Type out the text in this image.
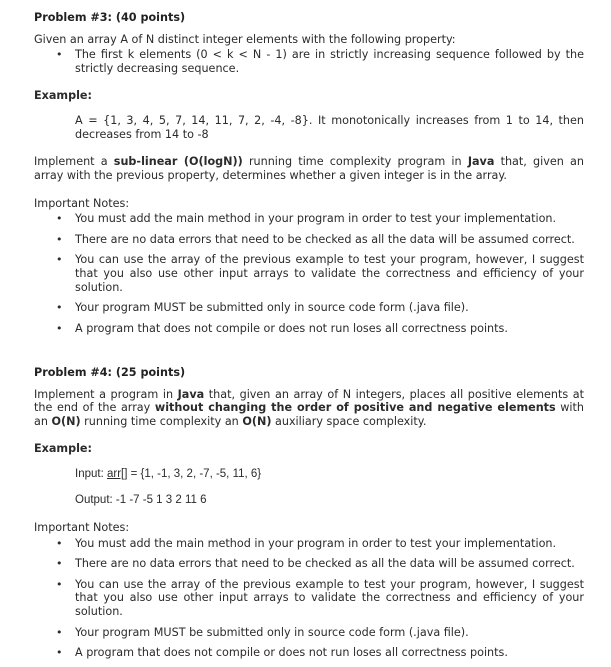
Problem #3: (40 points)

Given an array A of N distinct integer elements with the following property:

• The first k elements (0 < k < N - 1) are in strictly increasing sequence followed by the strictly decreasing sequence.

Example:

A = {1, 3, 4, 5, 7, 14, 11, 7, 2, -4, -8}. It monotonically increases from 1 to 14, then decreases from 14 to -8

Implement a sub-linear (O(logN)) running time complexity program in Java that, given an array with the previous property, determines whether a given integer is in the array.

Important Notes:

• You must add the main method in your program in order to test your implementation.
• There are no data errors that need to be checked as all the data will be assumed correct.
• You can use the array of the previous example to test your program, however, I suggest that you also use other input arrays to validate the correctness and efficiency of your solution.
• Your program MUST be submitted only in source code form (.java file).
• A program that does not compile or does not run loses all correctness points.

Problem #4: (25 points)

Implement a program in Java that, given an array of N integers, places all positive elements at the end of the array without changing the order of positive and negative elements with an O(N) running time complexity an O(N) auxiliary space complexity.

Example:

Input: arr[] = {1, -1, 3, 2, -7, -5, 11, 6}

Output: -1 -7 -5 1 3 2 11 6

Important Notes:

• You must add the main method in your program in order to test your implementation.
• There are no data errors that need to be checked as all the data will be assumed correct.
• You can use the array of the previous example to test your program, however, I suggest that you also use other input arrays to validate the correctness and efficiency of your solution.
• Your program MUST be submitted only in source code form (.java file).
• A program that does not compile or does not run loses all correctness points.
